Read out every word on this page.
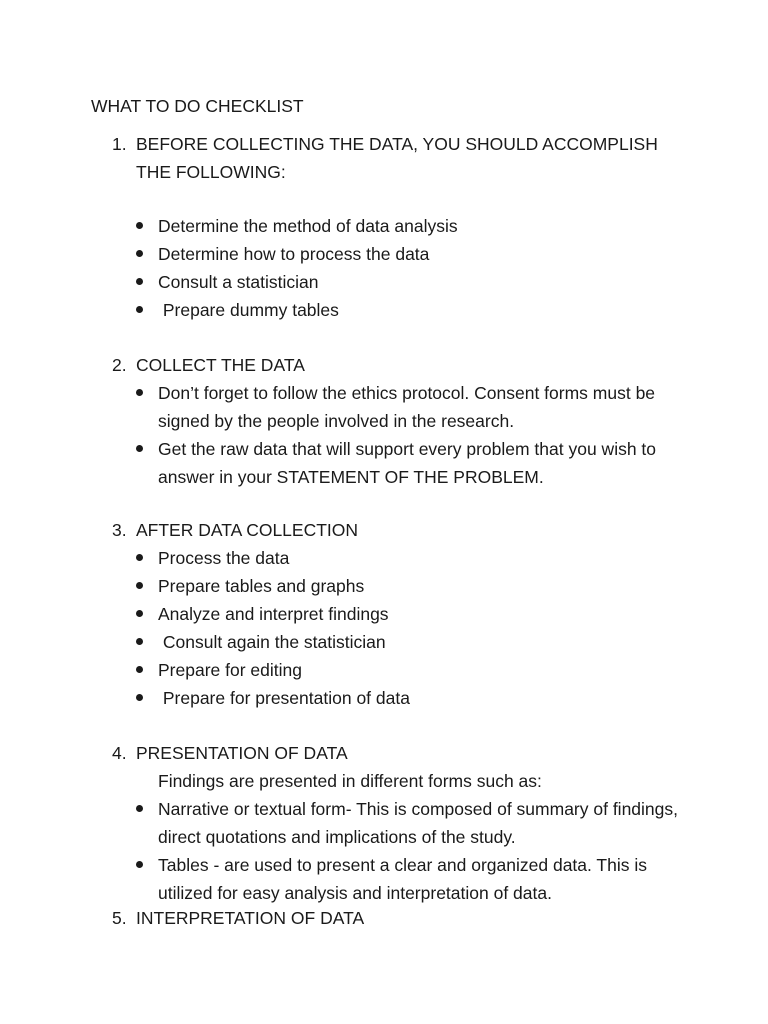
WHAT TO DO CHECKLIST
1. BEFORE COLLECTING THE DATA, YOU SHOULD ACCOMPLISH THE FOLLOWING:
Determine the method of data analysis
Determine how to process the data
Consult a statistician
Prepare dummy tables
2. COLLECT THE DATA
Don’t forget to follow the ethics protocol. Consent forms must be signed by the people involved in the research.
Get the raw data that will support every problem that you wish to answer in your STATEMENT OF THE PROBLEM.
3. AFTER DATA COLLECTION
Process the data
Prepare tables and graphs
Analyze and interpret findings
Consult again the statistician
Prepare for editing
Prepare for presentation of data
4. PRESENTATION OF DATA
Findings are presented in different forms such as:
Narrative or textual form- This is composed of summary of findings, direct quotations and implications of the study.
Tables - are used to present a clear and organized data. This is utilized for easy analysis and interpretation of data.
5. INTERPRETATION OF DATA
